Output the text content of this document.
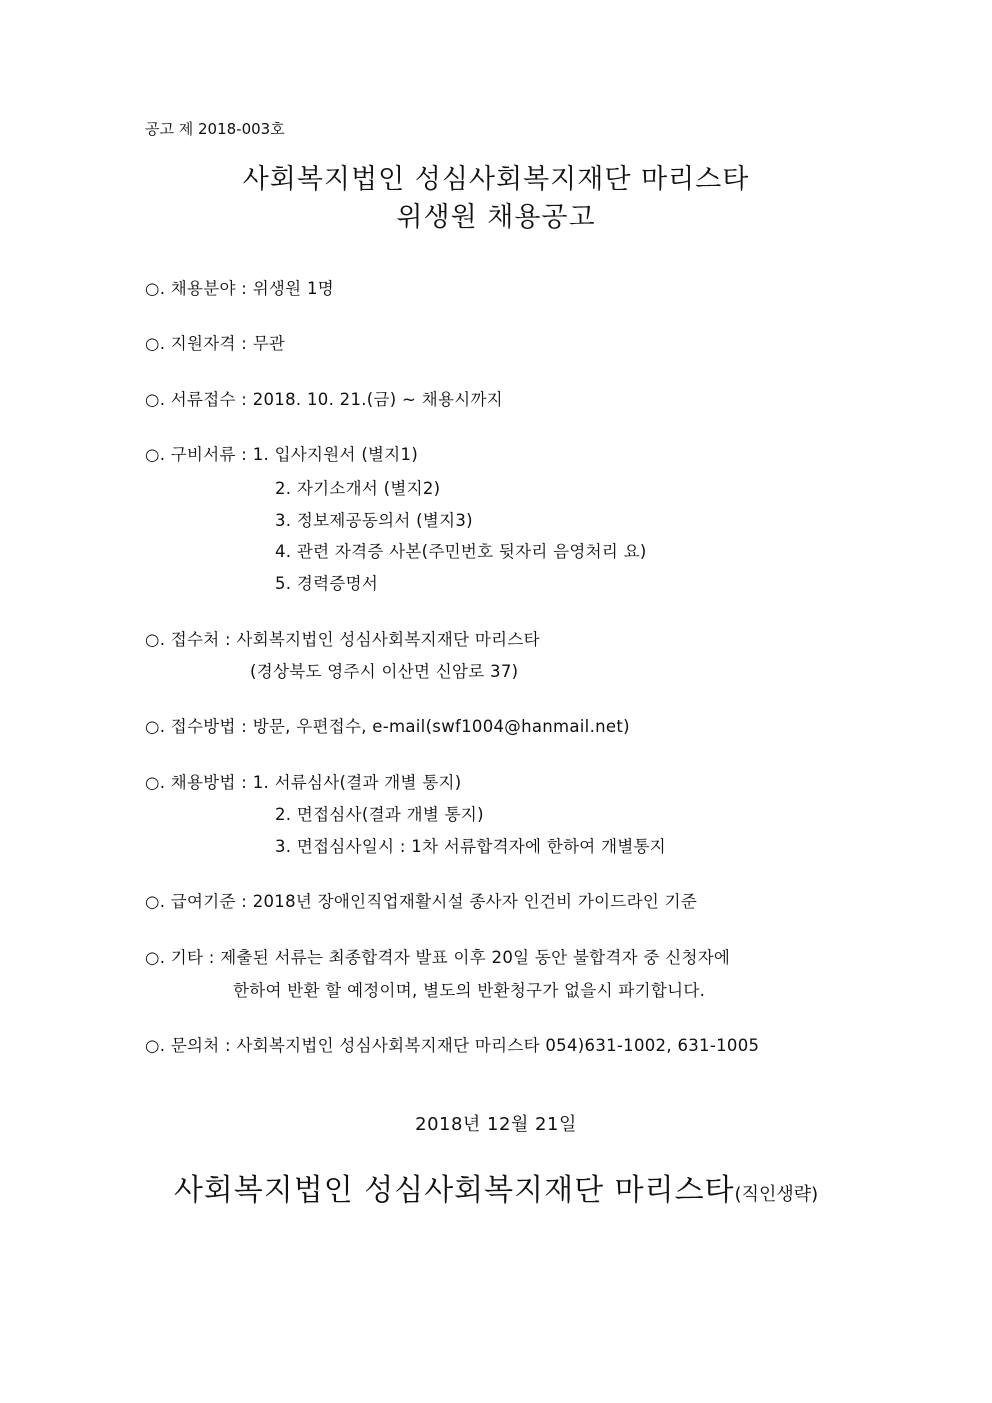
공고 제 2018-003호
사회복지법인 성심사회복지재단 마리스타
위생원 채용공고
○. 채용분야 : 위생원 1명
○. 지원자격 : 무관
○. 서류접수 : 2018. 10. 21.(금) ~ 채용시까지
○. 구비서류 : 1. 입사지원서 (별지1)
2. 자기소개서 (별지2)
3. 정보제공동의서 (별지3)
4. 관련 자격증 사본(주민번호 뒷자리 음영처리 요)
5. 경력증명서
○. 접수처 : 사회복지법인 성심사회복지재단 마리스타
(경상북도 영주시 이산면 신암로 37)
○. 접수방법 : 방문, 우편접수, e-mail(swf1004@hanmail.net)
○. 채용방법 : 1. 서류심사(결과 개별 통지)
2. 면접심사(결과 개별 통지)
3. 면접심사일시 : 1차 서류합격자에 한하여 개별통지
○. 급여기준 : 2018년 장애인직업재활시설 종사자 인건비 가이드라인 기준
○. 기타 : 제출된 서류는 최종합격자 발표 이후 20일 동안 불합격자 중 신청자에
한하여 반환 할 예정이며, 별도의 반환청구가 없을시 파기합니다.
○. 문의처 : 사회복지법인 성심사회복지재단 마리스타 054)631-1002, 631-1005
2018년 12월 21일
사회복지법인 성심사회복지재단 마리스타(직인생략)
